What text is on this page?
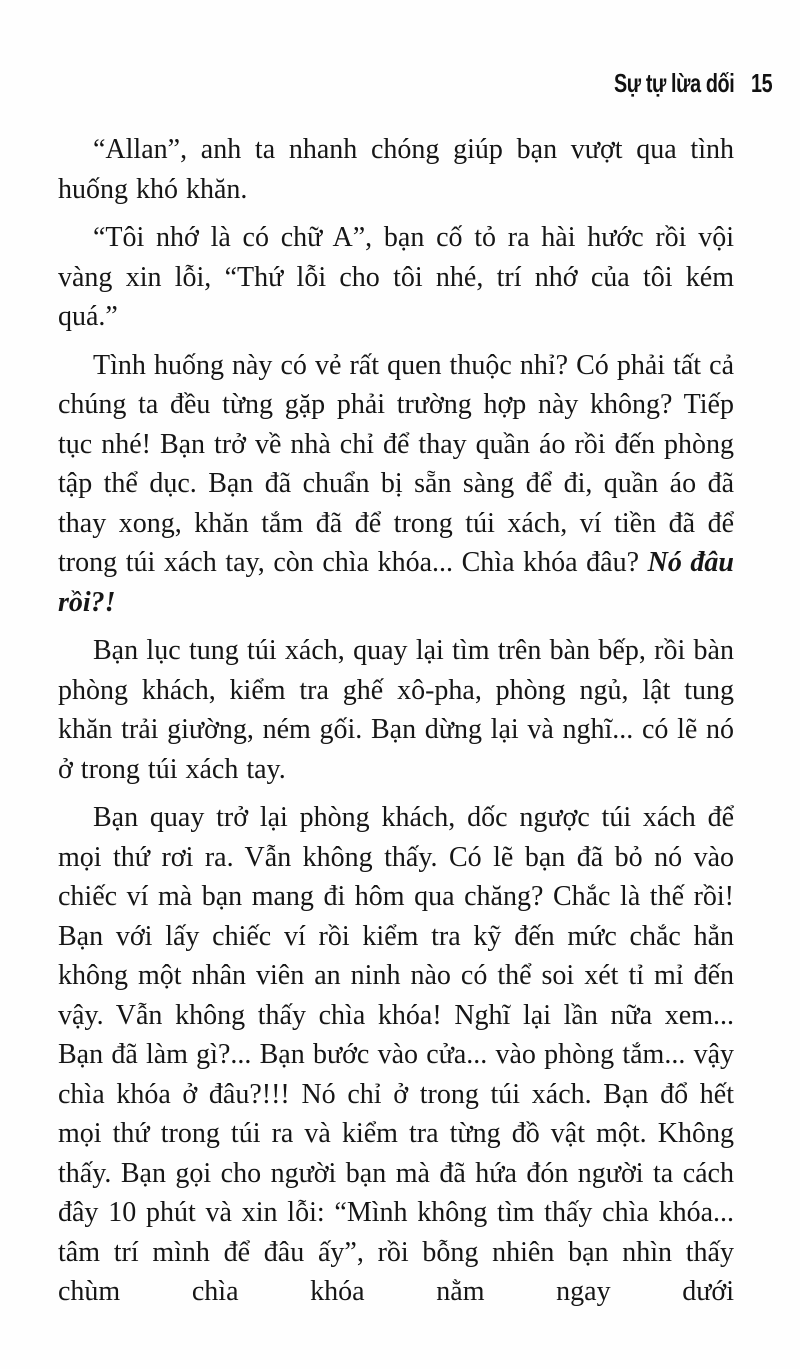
Sự tự lừa dối 15

“Allan”, anh ta nhanh chóng giúp bạn vượt qua tình huống khó khăn.

“Tôi nhớ là có chữ A”, bạn cố tỏ ra hài hước rồi vội vàng xin lỗi, “Thứ lỗi cho tôi nhé, trí nhớ của tôi kém quá.”

Tình huống này có vẻ rất quen thuộc nhỉ? Có phải tất cả chúng ta đều từng gặp phải trường hợp này không? Tiếp tục nhé! Bạn trở về nhà chỉ để thay quần áo rồi đến phòng tập thể dục. Bạn đã chuẩn bị sẵn sàng để đi, quần áo đã thay xong, khăn tắm đã để trong túi xách, ví tiền đã để trong túi xách tay, còn chìa khóa... Chìa khóa đâu? Nó đâu rồi?!

Bạn lục tung túi xách, quay lại tìm trên bàn bếp, rồi bàn phòng khách, kiểm tra ghế xô-pha, phòng ngủ, lật tung khăn trải giường, ném gối. Bạn dừng lại và nghĩ... có lẽ nó ở trong túi xách tay.

Bạn quay trở lại phòng khách, dốc ngược túi xách để mọi thứ rơi ra. Vẫn không thấy. Có lẽ bạn đã bỏ nó vào chiếc ví mà bạn mang đi hôm qua chăng? Chắc là thế rồi! Bạn với lấy chiếc ví rồi kiểm tra kỹ đến mức chắc hẳn không một nhân viên an ninh nào có thể soi xét tỉ mỉ đến vậy. Vẫn không thấy chìa khóa! Nghĩ lại lần nữa xem... Bạn đã làm gì?... Bạn bước vào cửa... vào phòng tắm... vậy chìa khóa ở đâu?!!! Nó chỉ ở trong túi xách. Bạn đổ hết mọi thứ trong túi ra và kiểm tra từng đồ vật một. Không thấy. Bạn gọi cho người bạn mà đã hứa đón người ta cách đây 10 phút và xin lỗi: “Mình không tìm thấy chìa khóa... tâm trí mình để đâu ấy”, rồi bỗng nhiên bạn nhìn thấy chùm chìa khóa nằm ngay dưới
